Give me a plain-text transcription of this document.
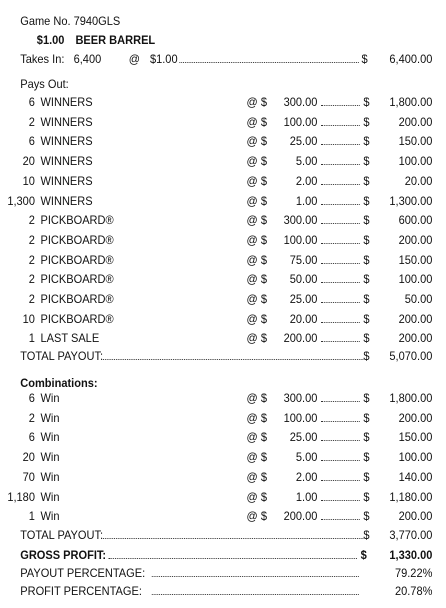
Game No. 7940GLS
$1.00 BEER BARREL
Takes In: 6,400 @ $1.00	$	6,400.00
Pays Out:
6 WINNERS	@ $	300.00	$	1,800.00
2 WINNERS	@ $	100.00	$	200.00
6 WINNERS	@ $	25.00	$	150.00
20 WINNERS	@ $	5.00	$	100.00
10 WINNERS	@ $	2.00	$	20.00
1,300 WINNERS	@ $	1.00	$	1,300.00
2 PICKBOARD®	@ $	300.00	$	600.00
2 PICKBOARD®	@ $	100.00	$	200.00
2 PICKBOARD®	@ $	75.00	$	150.00
2 PICKBOARD®	@ $	50.00	$	100.00
2 PICKBOARD®	@ $	25.00	$	50.00
10 PICKBOARD®	@ $	20.00	$	200.00
1 LAST SALE	@ $	200.00	$	200.00
TOTAL PAYOUT:	$	5,070.00
Combinations:
6 Win	@ $	300.00	$	1,800.00
2 Win	@ $	100.00	$	200.00
6 Win	@ $	25.00	$	150.00
20 Win	@ $	5.00	$	100.00
70 Win	@ $	2.00	$	140.00
1,180 Win	@ $	1.00	$	1,180.00
1 Win	@ $	200.00	$	200.00
TOTAL PAYOUT:	$	3,770.00
GROSS PROFIT:	$	1,330.00
PAYOUT PERCENTAGE:	79.22%
PROFIT PERCENTAGE:	20.78%
